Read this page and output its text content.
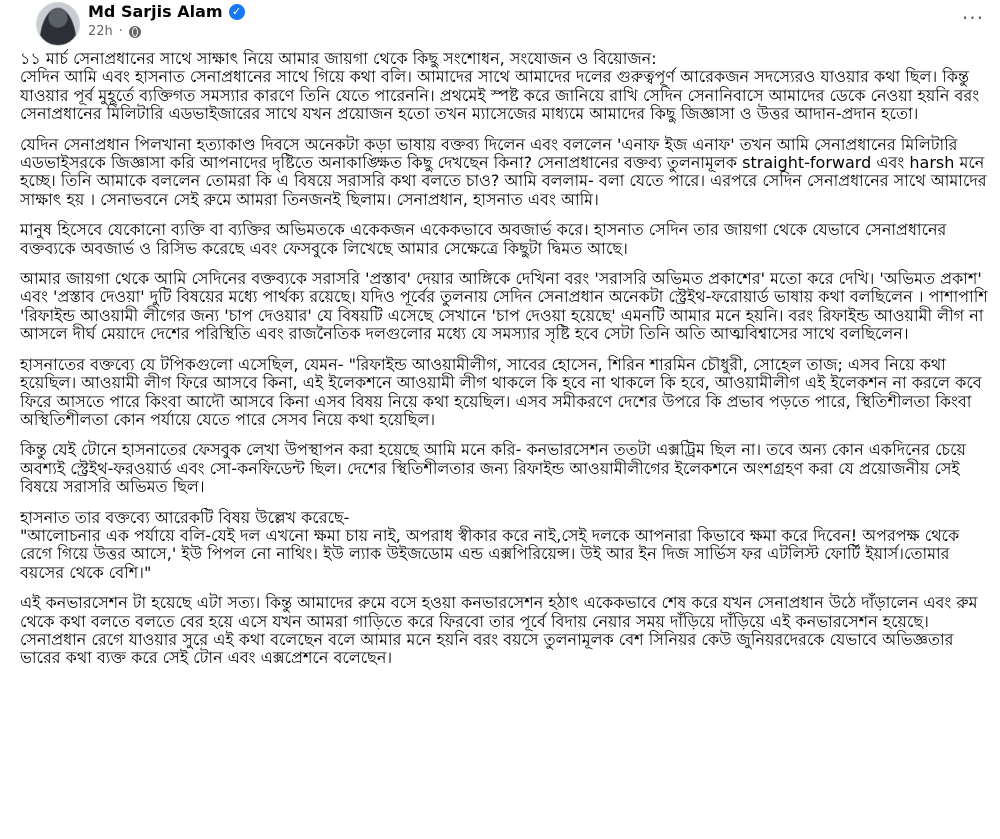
Md Sarjis Alam ✓
22h ·
···

১১ মার্চ সেনাপ্রধানের সাথে সাক্ষাৎ নিয়ে আমার জায়গা থেকে কিছু সংশোধন, সংযোজন ও বিয়োজন:
সেদিন আমি এবং হাসনাত সেনাপ্রধানের সাথে গিয়ে কথা বলি। আমাদের সাথে আমাদের দলের গুরুত্বপূর্ণ আরেকজন সদস্যেরও যাওয়ার কথা ছিল। কিন্তু যাওয়ার পূর্ব মুহূর্তে ব্যক্তিগত সমস্যার কারণে তিনি যেতে পারেননি। প্রথমেই স্পষ্ট করে জানিয়ে রাখি সেদিন সেনানিবাসে আমাদের ডেকে নেওয়া হয়নি বরং সেনাপ্রধানের মিলিটারি এডভাইজারের সাথে যখন প্রয়োজন হতো তখন ম্যাসেজের মাধ্যমে আমাদের কিছু জিজ্ঞাসা ও উত্তর আদান-প্রদান হতো।

যেদিন সেনাপ্রধান পিলখানা হত্যাকাণ্ড দিবসে অনেকটা কড়া ভাষায় বক্তব্য দিলেন এবং বললেন 'এনাফ ইজ এনাফ' তখন আমি সেনাপ্রধানের মিলিটারি এডভাইসরকে জিজ্ঞাসা করি আপনাদের দৃষ্টিতে অনাকাঙ্ক্ষিত কিছু দেখছেন কিনা? সেনাপ্রধানের বক্তব্য তুলনামূলক straight-forward এবং harsh মনে হচ্ছে। তিনি আমাকে বললেন তোমরা কি এ বিষয়ে সরাসরি কথা বলতে চাও? আমি বললাম- বলা যেতে পারে। এরপরে সেদিন সেনাপ্রধানের সাথে আমাদের সাক্ষাৎ হয় । সেনাভবনে সেই রুমে আমরা তিনজনই ছিলাম। সেনাপ্রধান, হাসনাত এবং আমি।

মানুষ হিসেবে যেকোনো ব্যক্তি বা ব্যক্তির অভিমতকে একেকজন একেকভাবে অবজার্ভ করে। হাসনাত সেদিন তার জায়গা থেকে যেভাবে সেনাপ্রধানের বক্তব্যকে অবজার্ভ ও রিসিভ করেছে এবং ফেসবুকে লিখেছে আমার সেক্ষেত্রে কিছুটা দ্বিমত আছে।

আমার জায়গা থেকে আমি সেদিনের বক্তব্যকে সরাসরি 'প্রস্তাব' দেয়ার আঙ্গিকে দেখিনা বরং 'সরাসরি অভিমত প্রকাশের' মতো করে দেখি। 'অভিমত প্রকাশ' এবং 'প্রস্তাব দেওয়া' দুটি বিষয়ের মধ্যে পার্থক্য রয়েছে। যদিও পূর্বের তুলনায় সেদিন সেনাপ্রধান অনেকটা স্ট্রেইথ-ফরোয়ার্ড ভাষায় কথা বলছিলেন । পাশাপাশি 'রিফাইন্ড আওয়ামী লীগের জন্য 'চাপ দেওয়ার' যে বিষয়টি এসেছে সেখানে 'চাপ দেওয়া হয়েছে' এমনটি আমার মনে হয়নি। বরং রিফাইন্ড আওয়ামী লীগ না আসলে দীর্ঘ মেয়াদে দেশের পরিস্থিতি এবং রাজনৈতিক দলগুলোর মধ্যে যে সমস্যার সৃষ্টি হবে সেটা তিনি অতি আত্মবিশ্বাসের সাথে বলছিলেন।

হাসনাতের বক্তব্যে যে টপিকগুলো এসেছিল, যেমন- "রিফাইন্ড আওয়ামীলীগ, সাবের হোসেন, শিরিন শারমিন চৌধুরী, সোহেল তাজ; এসব নিয়ে কথা হয়েছিল। আওয়ামী লীগ ফিরে আসবে কিনা, এই ইলেকশনে আওয়ামী লীগ থাকলে কি হবে না থাকলে কি হবে, আওয়ামীলীগ এই ইলেকশন না করলে কবে ফিরে আসতে পারে কিংবা আদৌ আসবে কিনা এসব বিষয় নিয়ে কথা হয়েছিল। এসব সমীকরণে দেশের উপরে কি প্রভাব পড়তে পারে, স্থিতিশীলতা কিংবা অস্থিতিশীলতা কোন পর্যায়ে যেতে পারে সেসব নিয়ে কথা হয়েছিল।

কিন্তু যেই টোনে হাসনাতের ফেসবুক লেখা উপস্থাপন করা হয়েছে আমি মনে করি- কনভারসেশন ততটা এক্সট্রিম ছিল না। তবে অন্য কোন একদিনের চেয়ে অবশ্যই স্ট্রেইথ-ফরওয়ার্ড এবং সো-কনফিডেন্ট ছিল। দেশের স্থিতিশীলতার জন্য রিফাইন্ড আওয়ামীলীগের ইলেকশনে অংশগ্রহণ করা যে প্রয়োজনীয় সেই বিষয়ে সরাসরি অভিমত ছিল।

হাসনাত তার বক্তব্যে আরেকটি বিষয় উল্লেখ করেছে-
"আলোচনার এক পর্যায়ে বলি-যেই দল এখনো ক্ষমা চায় নাই, অপরাধ স্বীকার করে নাই,সেই দলকে আপনারা কিভাবে ক্ষমা করে দিবেন! অপরপক্ষ থেকে রেগে গিয়ে উত্তর আসে,' ইউ পিপল নো নাথিং। ইউ ল্যাক উইজডোম এন্ড এক্সপিরিয়েন্স। উই আর ইন দিজ সার্ভিস ফর এটলিস্ট ফোর্টি ইয়ার্স।তোমার বয়সের থেকে বেশি।"

এই কনভারসেশন টা হয়েছে এটা সত্য। কিন্তু আমাদের রুমে বসে হওয়া কনভারসেশন হঠাৎ একেকভাবে শেষ করে যখন সেনাপ্রধান উঠে দাঁড়ালেন এবং রুম থেকে কথা বলতে বলতে বের হয়ে এসে যখন আমরা গাড়িতে করে ফিরবো তার পূর্বে বিদায় নেয়ার সময় দাঁড়িয়ে দাঁড়িয়ে এই কনভারসেশন হয়েছে। সেনাপ্রধান রেগে যাওয়ার সুরে এই কথা বলেছেন বলে আমার মনে হয়নি বরং বয়সে তুলনামূলক বেশ সিনিয়র কেউ জুনিয়রদেরকে যেভাবে অভিজ্ঞতার ভারের কথা ব্যক্ত করে সেই টোন এবং এক্সপ্রেশনে বলেছেন।
